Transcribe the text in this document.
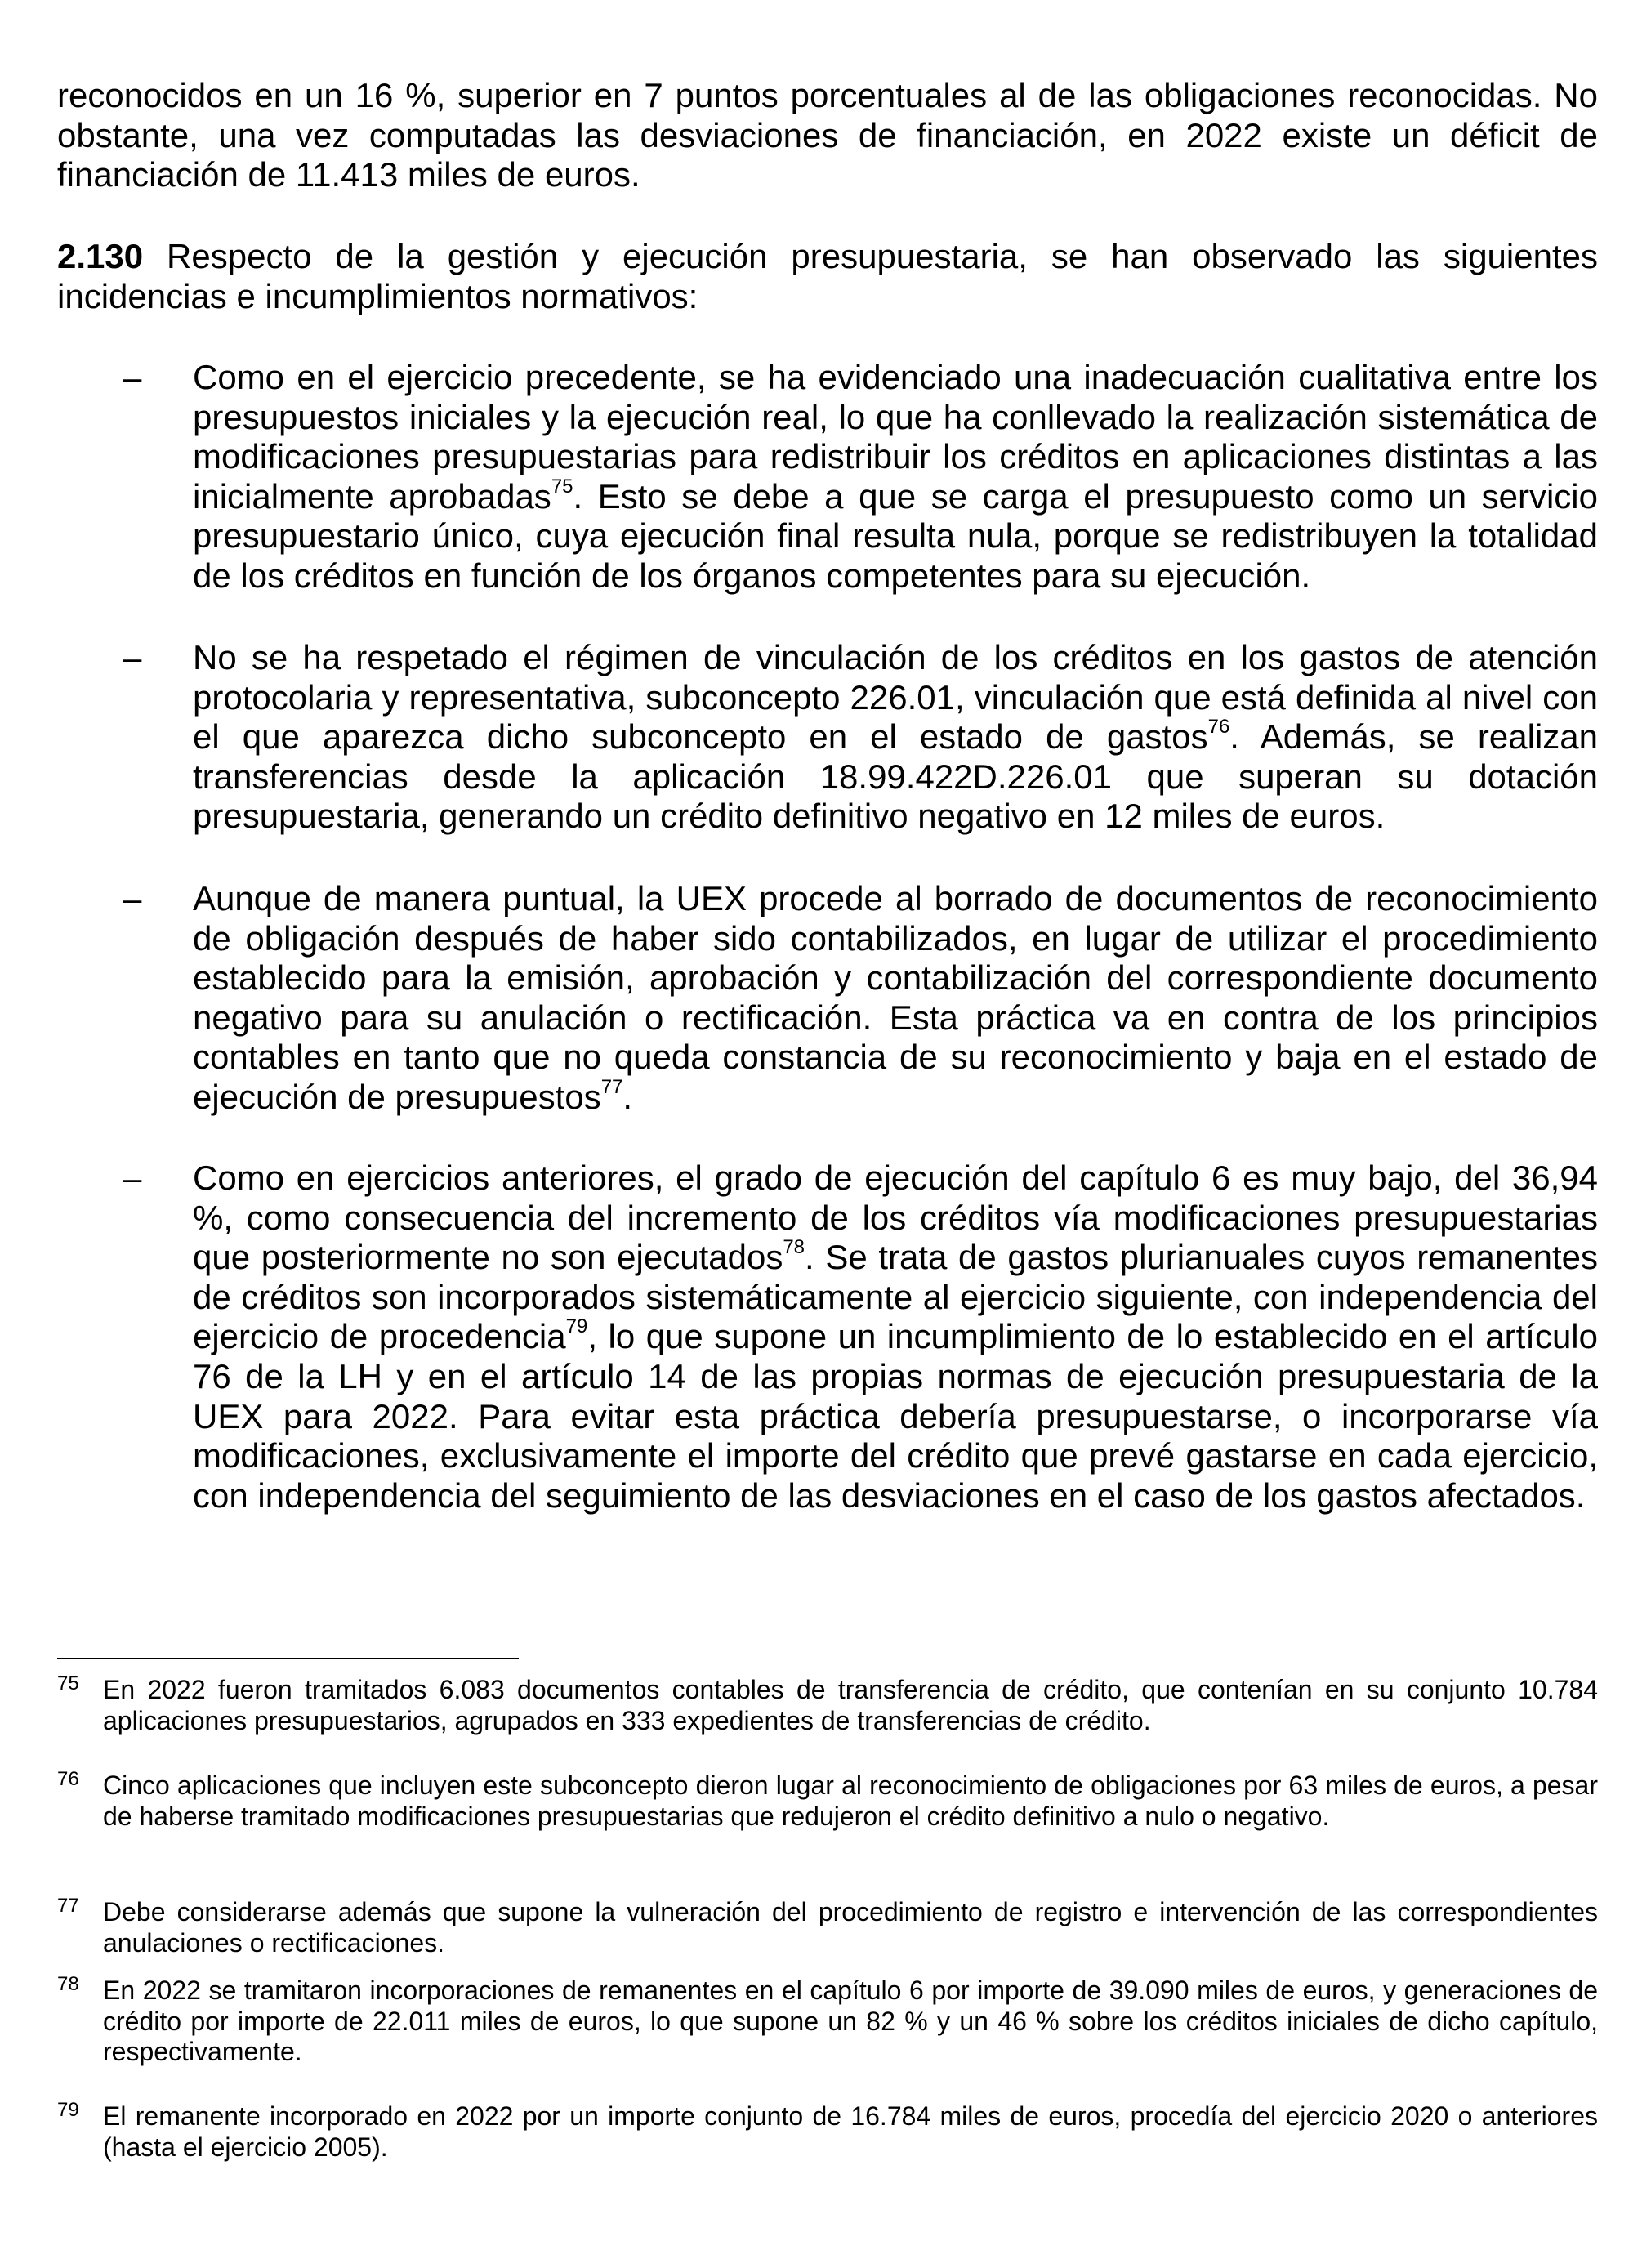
reconocidos en un 16 %, superior en 7 puntos porcentuales al de las obligaciones reconocidas. No obstante, una vez computadas las desviaciones de financiación, en 2022 existe un déficit de financiación de 11.413 miles de euros.

2.130 Respecto de la gestión y ejecución presupuestaria, se han observado las siguientes incidencias e incumplimientos normativos:

–	Como en el ejercicio precedente, se ha evidenciado una inadecuación cualitativa entre los presupuestos iniciales y la ejecución real, lo que ha conllevado la realización sistemática de modificaciones presupuestarias para redistribuir los créditos en aplicaciones distintas a las inicialmente aprobadas$^{75}$. Esto se debe a que se carga el presupuesto como un servicio presupuestario único, cuya ejecución final resulta nula, porque se redistribuyen la totalidad de los créditos en función de los órganos competentes para su ejecución.
–	No se ha respetado el régimen de vinculación de los créditos en los gastos de atención protocolaria y representativa, subconcepto 226.01, vinculación que está definida al nivel con el que aparezca dicho subconcepto en el estado de gastos$^{76}$. Además, se realizan transferencias desde la aplicación 18.99.422D.226.01 que superan su dotación presupuestaria, generando un crédito definitivo negativo en 12 miles de euros.
–	Aunque de manera puntual, la UEX procede al borrado de documentos de reconocimiento de obligación después de haber sido contabilizados, en lugar de utilizar el procedimiento establecido para la emisión, aprobación y contabilización del correspondiente documento negativo para su anulación o rectificación. Esta práctica va en contra de los principios contables en tanto que no queda constancia de su reconocimiento y baja en el estado de ejecución de presupuestos$^{77}$.
–	Como en ejercicios anteriores, el grado de ejecución del capítulo 6 es muy bajo, del 36,94 %, como consecuencia del incremento de los créditos vía modificaciones presupuestarias que posteriormente no son ejecutados$^{78}$. Se trata de gastos plurianuales cuyos remanentes de créditos son incorporados sistemáticamente al ejercicio siguiente, con independencia del ejercicio de procedencia$^{79}$, lo que supone un incumplimiento de lo establecido en el artículo 76 de la LH y en el artículo 14 de las propias normas de ejecución presupuestaria de la UEX para 2022. Para evitar esta práctica debería presupuestarse, o incorporarse vía modificaciones, exclusivamente el importe del crédito que prevé gastarse en cada ejercicio, con independencia del seguimiento de las desviaciones en el caso de los gastos afectados.
75 En 2022 fueron tramitados 6.083 documentos contables de transferencia de crédito, que contenían en su conjunto 10.784 aplicaciones presupuestarios, agrupados en 333 expedientes de transferencias de crédito.
76 Cinco aplicaciones que incluyen este subconcepto dieron lugar al reconocimiento de obligaciones por 63 miles de euros, a pesar de haberse tramitado modificaciones presupuestarias que redujeron el crédito definitivo a nulo o negativo.
77 Debe considerarse además que supone la vulneración del procedimiento de registro e intervención de las correspondientes anulaciones o rectificaciones.
78 En 2022 se tramitaron incorporaciones de remanentes en el capítulo 6 por importe de 39.090 miles de euros, y generaciones de crédito por importe de 22.011 miles de euros, lo que supone un 82 % y un 46 % sobre los créditos iniciales de dicho capítulo, respectivamente.
79 El remanente incorporado en 2022 por un importe conjunto de 16.784 miles de euros, procedía del ejercicio 2020 o anteriores (hasta el ejercicio 2005).
